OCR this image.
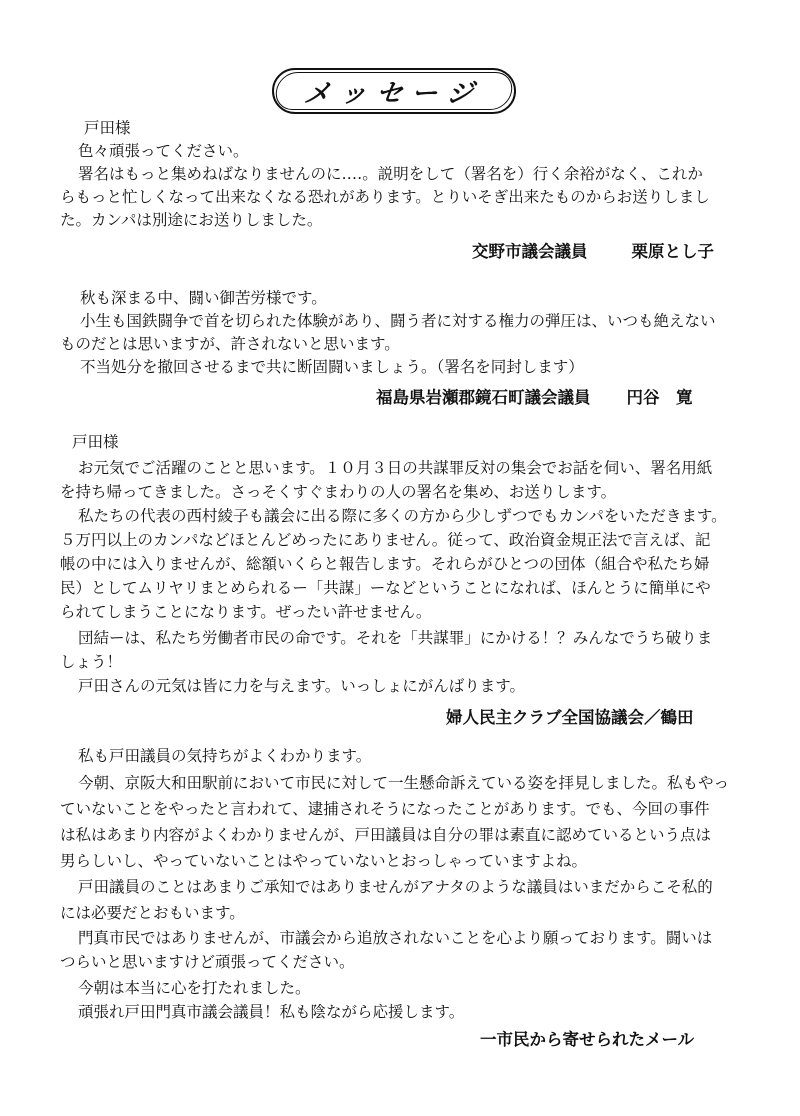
メッセージ
戸田様
色々頑張ってください。
署名はもっと集めねばなりませんのに‥‥。説明をして（署名を）行く余裕がなく、これか
らもっと忙しくなって出来なくなる恐れがあります。とりいそぎ出来たものからお送りしまし
た。カンパは別途にお送りしました。
交野市議会議員	栗原とし子
秋も深まる中、闘い御苦労様です。
小生も国鉄闘争で首を切られた体験があり、闘う者に対する権力の弾圧は、いつも絶えない
ものだとは思いますが、許されないと思います。
不当処分を撤回させるまで共に断固闘いましょう。（署名を同封します）
福島県岩瀬郡鏡石町議会議員 円谷　寛
戸田様
お元気でご活躍のことと思います。１０月３日の共謀罪反対の集会でお話を伺い、署名用紙
を持ち帰ってきました。さっそくすぐまわりの人の署名を集め、お送りします。
私たちの代表の西村綾子も議会に出る際に多くの方から少しずつでもカンパをいただきます。
５万円以上のカンパなどほとんどめったにありません。従って、政治資金規正法で言えば、記
帳の中には入りませんが、総額いくらと報告します。それらがひとつの団体（組合や私たち婦
民）としてムリヤリまとめられるー「共謀」ーなどということになれば、ほんとうに簡単にや
られてしまうことになります。ぜったい許せません。
団結ーは、私たち労働者市民の命です。それを「共謀罪」にかける！？みんなでうち破りま
しょう！
戸田さんの元気は皆に力を与えます。いっしょにがんばります。
婦人民主クラブ全国協議会／鶴田
私も戸田議員の気持ちがよくわかります。
今朝、京阪大和田駅前において市民に対して一生懸命訴えている姿を拝見しました。私もやっ
ていないことをやったと言われて、逮捕されそうになったことがあります。でも、今回の事件
は私はあまり内容がよくわかりませんが、戸田議員は自分の罪は素直に認めているという点は
男らしいし、やっていないことはやっていないとおっしゃっていますよね。
戸田議員のことはあまりご承知ではありませんがアナタのような議員はいまだからこそ私的
には必要だとおもいます。
門真市民ではありませんが、市議会から追放されないことを心より願っております。闘いは
つらいと思いますけど頑張ってください。
今朝は本当に心を打たれました。
頑張れ戸田門真市議会議員！私も陰ながら応援します。
一市民から寄せられたメール
